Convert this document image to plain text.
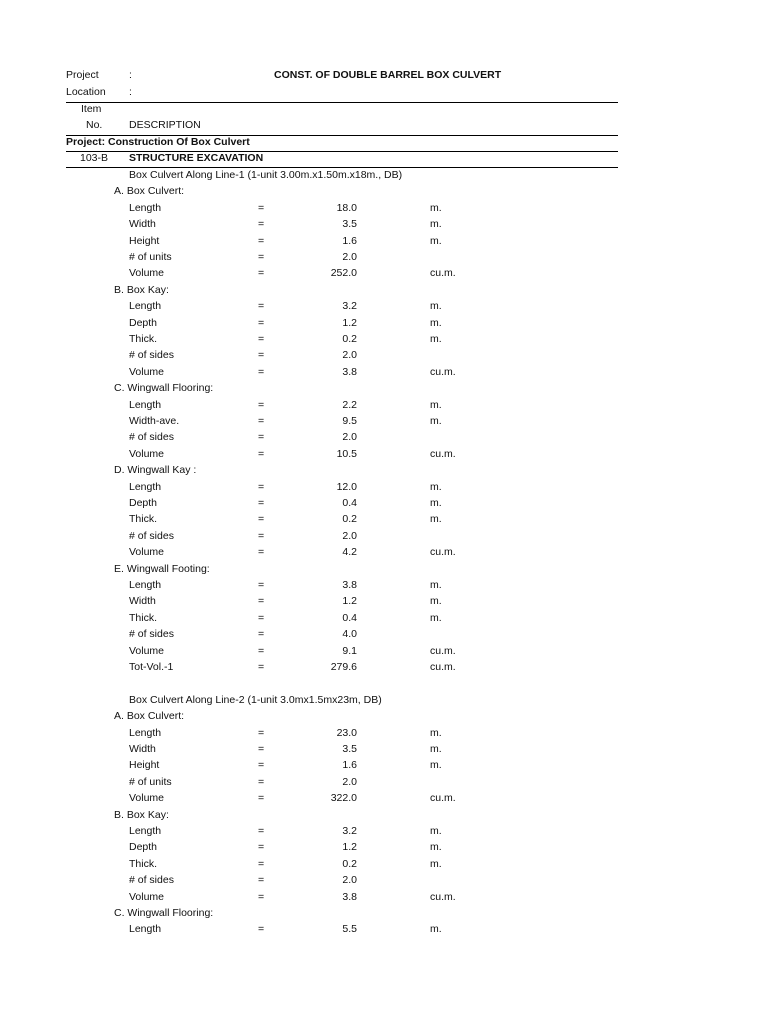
Project	:	CONST. OF DOUBLE BARREL BOX CULVERT
Location :
Item
No.	DESCRIPTION
Project: Construction Of Box Culvert
103-B STRUCTURE EXCAVATION
Box Culvert Along Line-1 (1-unit 3.00m.x1.50m.x18m., DB)
A. Box Culvert:
Length	=	18.0	m.
Width	=	3.5	m.
Height	=	1.6	m.
# of units	=	2.0
Volume	=	252.0	cu.m.
B. Box Kay:
Length	=	3.2	m.
Depth	=	1.2	m.
Thick.	=	0.2	m.
# of sides	=	2.0
Volume	=	3.8	cu.m.
C. Wingwall Flooring:
Length	=	2.2	m.
Width-ave.	=	9.5	m.
# of sides	=	2.0
Volume	=	10.5	cu.m.
D. Wingwall Kay :
Length	=	12.0	m.
Depth	=	0.4	m.
Thick.	=	0.2	m.
# of sides	=	2.0
Volume	=	4.2	cu.m.
E. Wingwall Footing:
Length	=	3.8	m.
Width	=	1.2	m.
Thick.	=	0.4	m.
# of sides	=	4.0
Volume	=	9.1	cu.m.
Tot-Vol.-1	=	279.6	cu.m.
Box Culvert Along Line-2 (1-unit 3.0mx1.5mx23m, DB)
A. Box Culvert:
Length	=	23.0	m.
Width	=	3.5	m.
Height	=	1.6	m.
# of units	=	2.0
Volume	=	322.0	cu.m.
B. Box Kay:
Length	=	3.2	m.
Depth	=	1.2	m.
Thick.	=	0.2	m.
# of sides	=	2.0
Volume	=	3.8	cu.m.
C. Wingwall Flooring:
Length	=	5.5	m.
